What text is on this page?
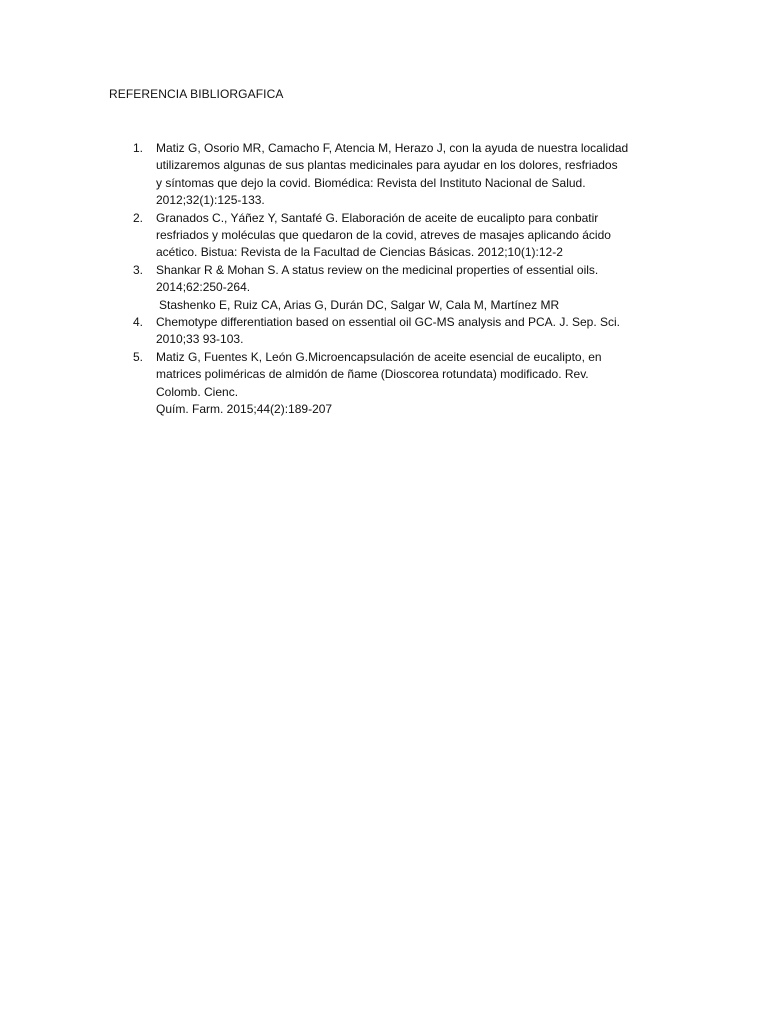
REFERENCIA BIBLIORGAFICA
1. Matiz G, Osorio MR, Camacho F, Atencia M, Herazo J, con la ayuda de nuestra localidad
utilizaremos algunas de sus plantas medicinales para ayudar en los dolores, resfriados
y síntomas que dejo la covid. Biomédica: Revista del Instituto Nacional de Salud.
2012;32(1):125-133.
2. Granados C., Yáñez Y, Santafé G. Elaboración de aceite de eucalipto para conbatir
resfriados y moléculas que quedaron de la covid, atreves de masajes aplicando ácido
acético. Bistua: Revista de la Facultad de Ciencias Básicas. 2012;10(1):12-2
3. Shankar R & Mohan S. A status review on the medicinal properties of essential oils.
2014;62:250-264.
Stashenko E, Ruiz CA, Arias G, Durán DC, Salgar W, Cala M, Martínez MR
4. Chemotype differentiation based on essential oil GC-MS analysis and PCA. J. Sep. Sci.
2010;33 93-103.
5. Matiz G, Fuentes K, León G.Microencapsulación de aceite esencial de eucalipto, en
matrices poliméricas de almidón de ñame (Dioscorea rotundata) modificado. Rev.
Colomb. Cienc.
Quím. Farm. 2015;44(2):189-207
